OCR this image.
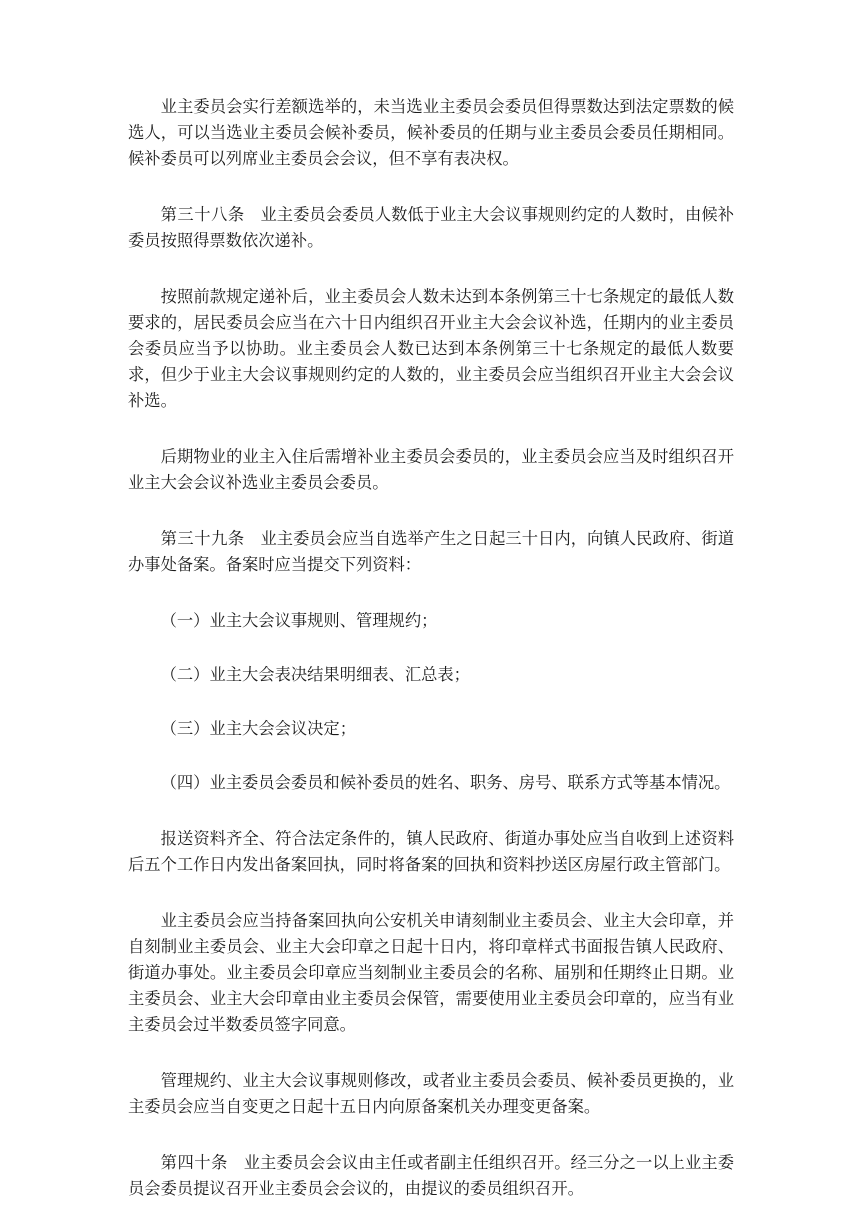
业主委员会实行差额选举的，未当选业主委员会委员但得票数达到法定票数的候选人，可以当选业主委员会候补委员，候补委员的任期与业主委员会委员任期相同。候补委员可以列席业主委员会会议，但不享有表决权。

第三十八条 业主委员会委员人数低于业主大会议事规则约定的人数时，由候补委员按照得票数依次递补。

按照前款规定递补后，业主委员会人数未达到本条例第三十七条规定的最低人数要求的，居民委员会应当在六十日内组织召开业主大会会议补选，任期内的业主委员会委员应当予以协助。业主委员会人数已达到本条例第三十七条规定的最低人数要求，但少于业主大会议事规则约定的人数的，业主委员会应当组织召开业主大会会议补选。

后期物业的业主入住后需增补业主委员会委员的，业主委员会应当及时组织召开业主大会会议补选业主委员会委员。

第三十九条 业主委员会应当自选举产生之日起三十日内，向镇人民政府、街道办事处备案。备案时应当提交下列资料：

（一）业主大会议事规则、管理规约；

（二）业主大会表决结果明细表、汇总表；

（三）业主大会会议决定；

（四）业主委员会委员和候补委员的姓名、职务、房号、联系方式等基本情况。

报送资料齐全、符合法定条件的，镇人民政府、街道办事处应当自收到上述资料后五个工作日内发出备案回执，同时将备案的回执和资料抄送区房屋行政主管部门。

业主委员会应当持备案回执向公安机关申请刻制业主委员会、业主大会印章，并自刻制业主委员会、业主大会印章之日起十日内，将印章样式书面报告镇人民政府、街道办事处。业主委员会印章应当刻制业主委员会的名称、届别和任期终止日期。业主委员会、业主大会印章由业主委员会保管，需要使用业主委员会印章的，应当有业主委员会过半数委员签字同意。

管理规约、业主大会议事规则修改，或者业主委员会委员、候补委员更换的，业主委员会应当自变更之日起十五日内向原备案机关办理变更备案。

第四十条 业主委员会会议由主任或者副主任组织召开。经三分之一以上业主委员会委员提议召开业主委员会会议的，由提议的委员组织召开。
